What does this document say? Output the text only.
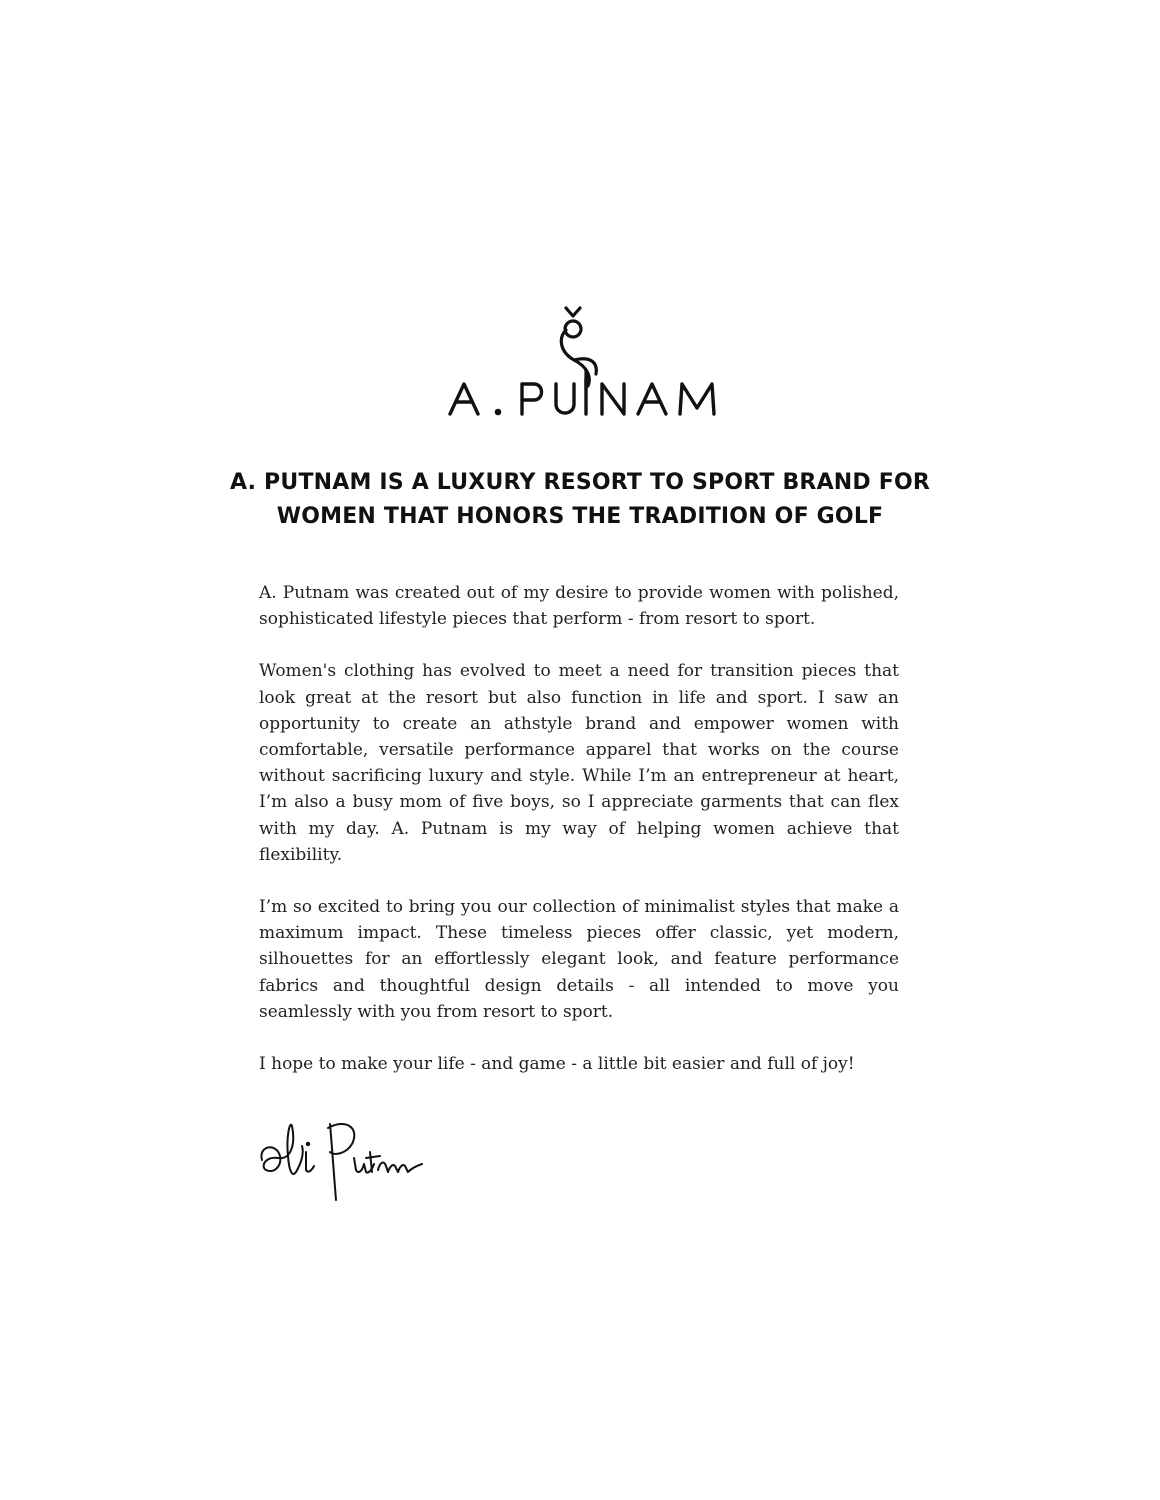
A. PUTNAM IS A LUXURY RESORT TO SPORT BRAND FOR
WOMEN THAT HONORS THE TRADITION OF GOLF

A. Putnam was created out of my desire to provide women with polished, sophisticated lifestyle pieces that perform - from resort to sport.

Women's clothing has evolved to meet a need for transition pieces that look great at the resort but also function in life and sport. I saw an opportunity to create an athstyle brand and empower women with comfortable, versatile performance apparel that works on the course without sacrificing luxury and style. While I’m an entrepreneur at heart, I’m also a busy mom of five boys, so I appreciate garments that can flex with my day. A. Putnam is my way of helping women achieve that flexibility.

I’m so excited to bring you our collection of minimalist styles that make a maximum impact. These timeless pieces offer classic, yet modern, silhouettes for an effortlessly elegant look, and feature performance fabrics and thoughtful design details - all intended to move you seamlessly with you from resort to sport.

I hope to make your life - and game - a little bit easier and full of joy!
